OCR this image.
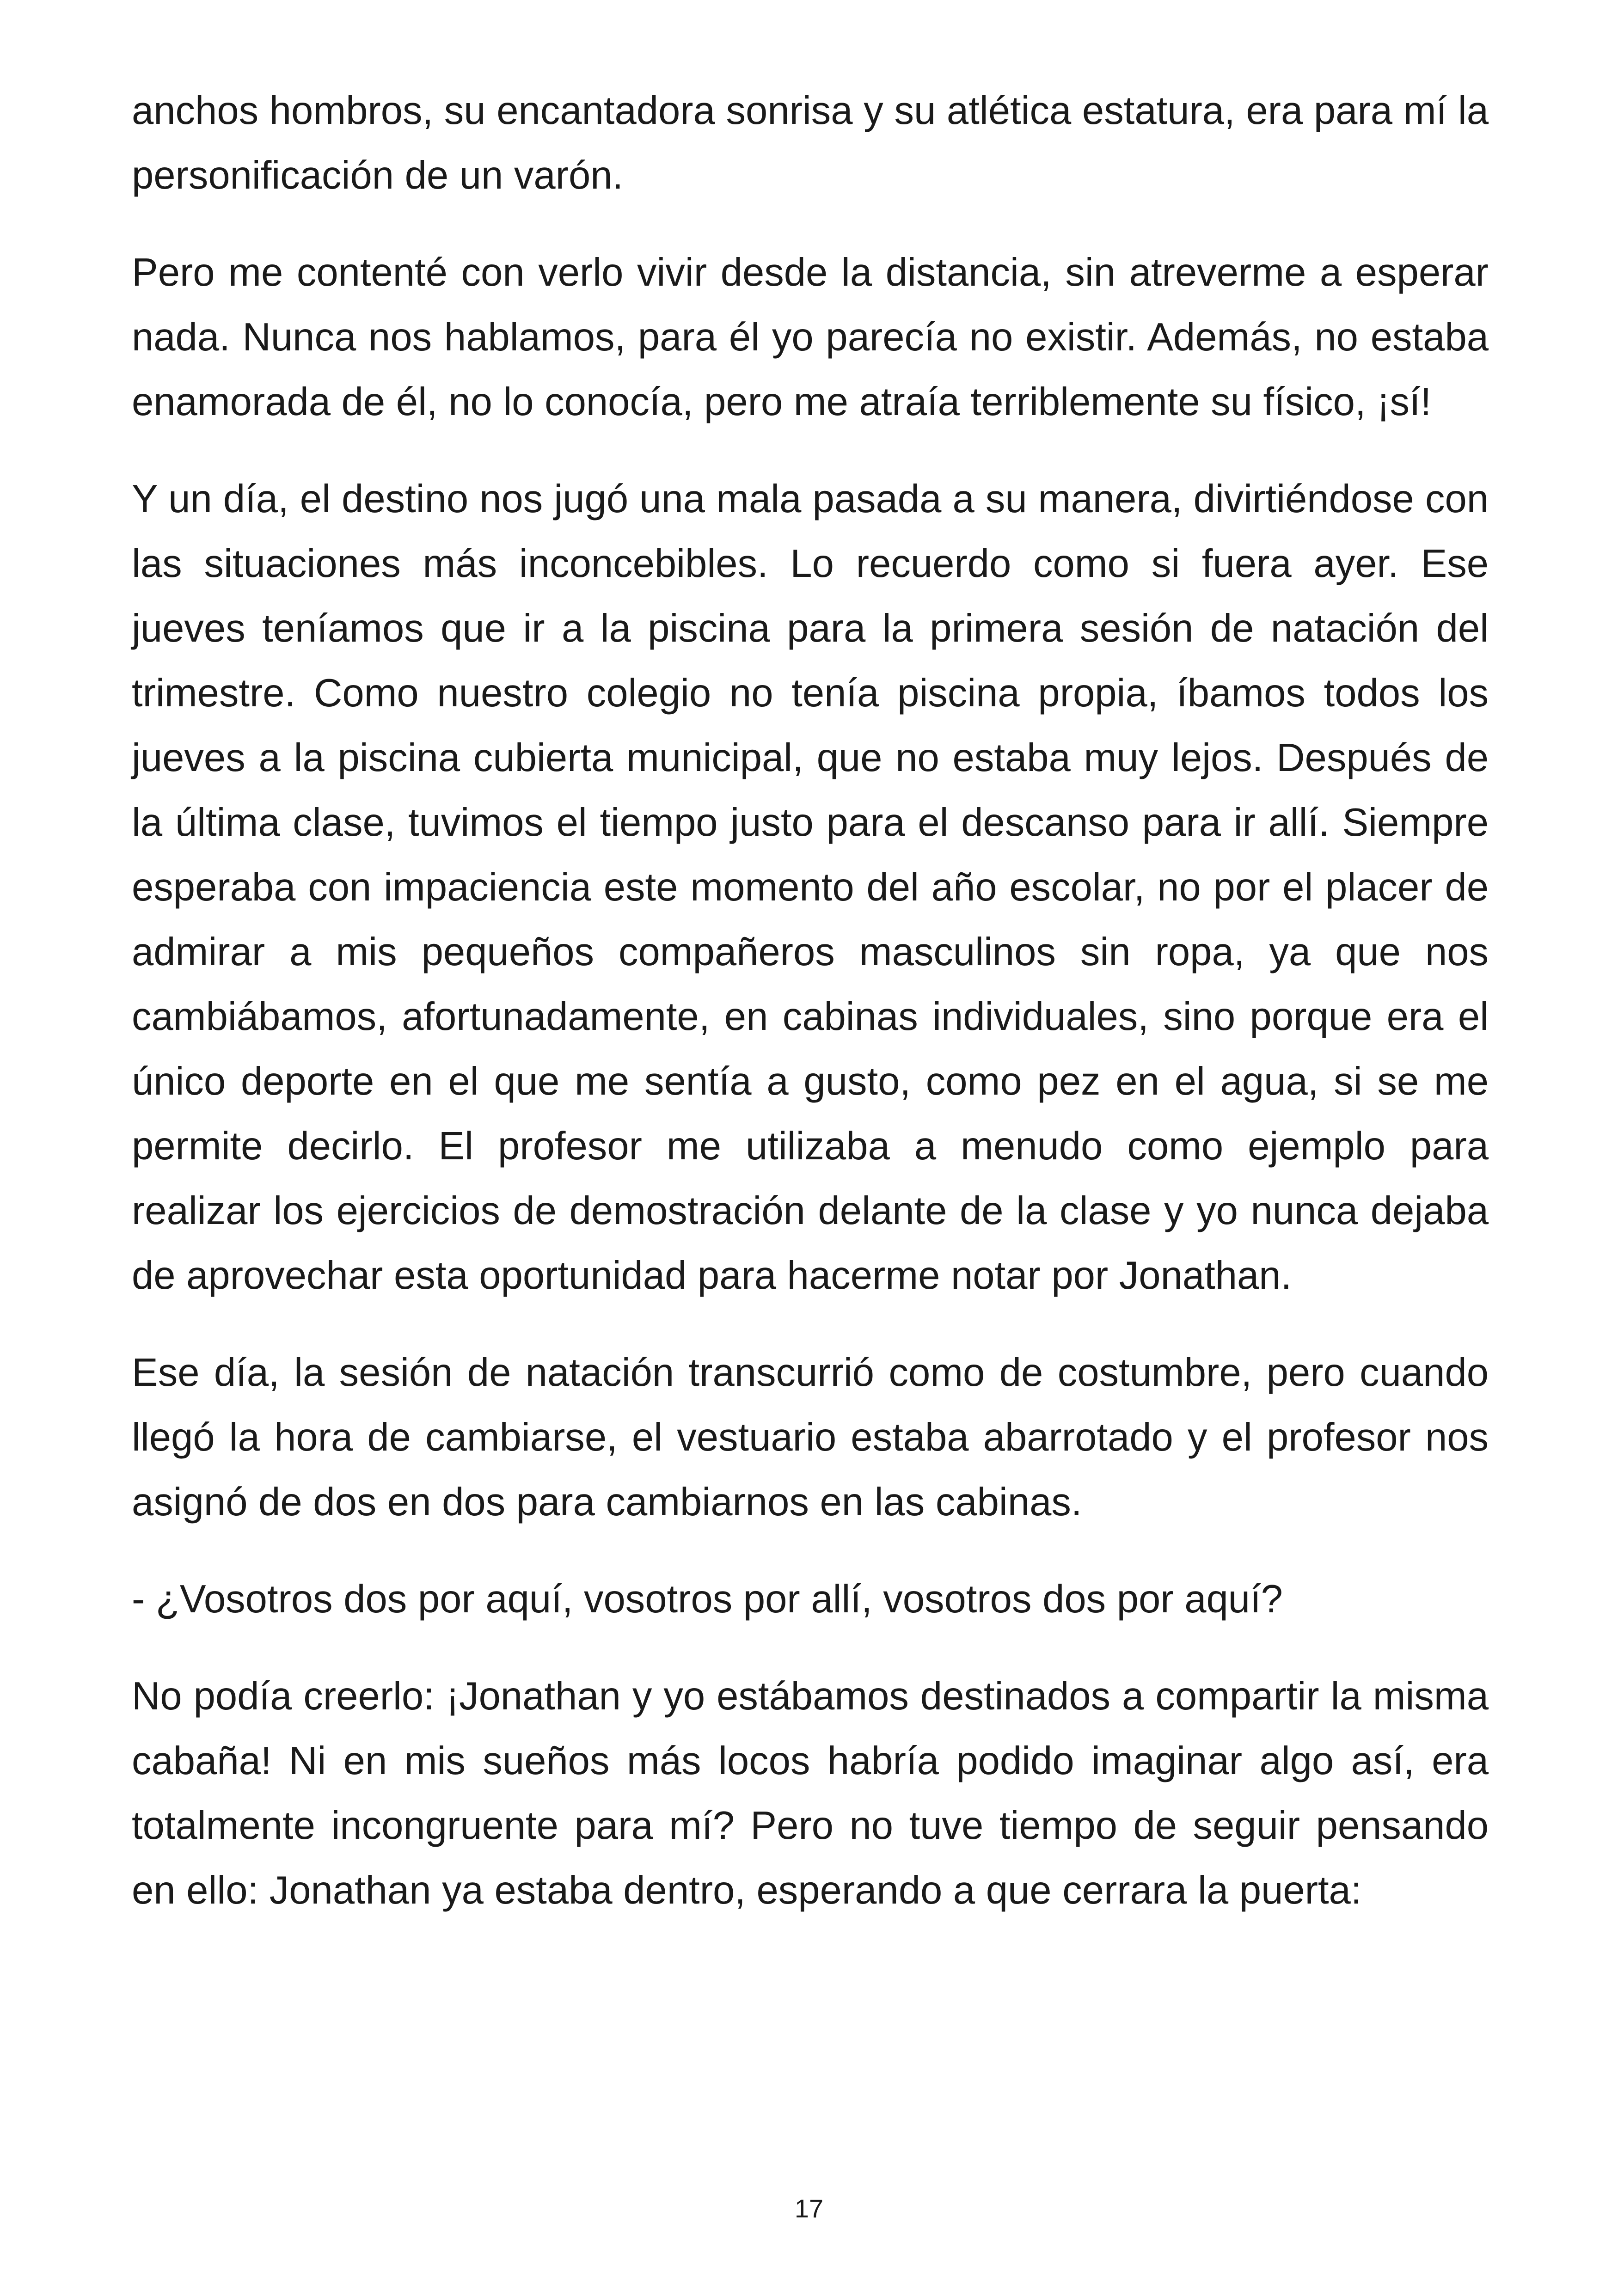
anchos hombros, su encantadora sonrisa y su atlética estatura, era para mí la personificación de un varón.

Pero me contenté con verlo vivir desde la distancia, sin atreverme a esperar nada. Nunca nos hablamos, para él yo parecía no existir. Además, no estaba enamorada de él, no lo conocía, pero me atraía terriblemente su físico, ¡sí!

Y un día, el destino nos jugó una mala pasada a su manera, divirtiéndose con las situaciones más inconcebibles. Lo recuerdo como si fuera ayer. Ese jueves teníamos que ir a la piscina para la primera sesión de natación del trimestre. Como nuestro colegio no tenía piscina propia, íbamos todos los jueves a la piscina cubierta municipal, que no estaba muy lejos. Después de la última clase, tuvimos el tiempo justo para el descanso para ir allí. Siempre esperaba con impaciencia este momento del año escolar, no por el placer de admirar a mis pequeños compañeros masculinos sin ropa, ya que nos cambiábamos, afortunadamente, en cabinas individuales, sino porque era el único deporte en el que me sentía a gusto, como pez en el agua, si se me permite decirlo. El profesor me utilizaba a menudo como ejemplo para realizar los ejercicios de demostración delante de la clase y yo nunca dejaba de aprovechar esta oportunidad para hacerme notar por Jonathan.

Ese día, la sesión de natación transcurrió como de costumbre, pero cuando llegó la hora de cambiarse, el vestuario estaba abarrotado y el profesor nos asignó de dos en dos para cambiarnos en las cabinas.

- ¿Vosotros dos por aquí, vosotros por allí, vosotros dos por aquí?

No podía creerlo: ¡Jonathan y yo estábamos destinados a compartir la misma cabaña! Ni en mis sueños más locos habría podido imaginar algo así, era totalmente incongruente para mí? Pero no tuve tiempo de seguir pensando en ello: Jonathan ya estaba dentro, esperando a que cerrara la puerta:

17
